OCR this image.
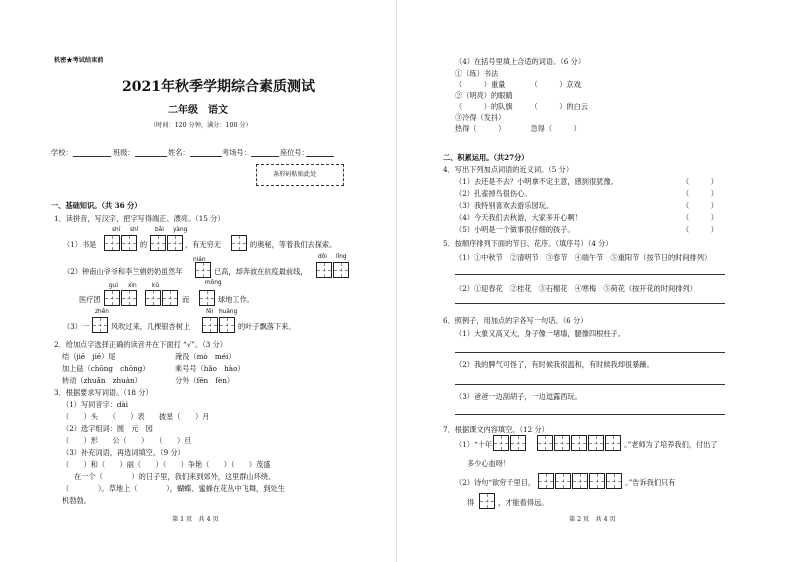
机密★考试结束前
2021年秋季学期综合素质测试
二年级　语文
（时间：120 分钟，满分：100 分）
学校：	班级：	姓名：	考场号：	座位号：
条形码粘贴此处
一、基础知识。（共 36 分）
1．读拼音，写汉字，把字写得端正、漂亮。（15 分）
shí shí	bǎi yàng
（1）书是	的	，有无穷无	的奥秘，等着我们去探索。
nián	dōi lǐng
（2）钟南山爷爷和李兰娟奶奶虽然年	已高，却奔波在抗疫最前线，
guì xìn	kǔ	mǒng
医疗团	而	球地工作。
zhēn	fēi huáng
（3）一	风吹过来，几棵银杏树上	的叶子飘落下来。
2．给加点字选择正确的读音并在下面打 “√”。（3 分）
结（jiē　jié）尾	淹没（mò　méi）
加上砝（chōng　chōng）	乘号号（hǎo　hào）
转动（zhuǎn　zhuàn）	分外（fēn　fèn）
3．根据要求写词语。（18 分）
（1）写同音字：dài
（　　）头　　（　　）表　　披星（　　）月
（2）选字组词：圆　元　园
（　　）形　　公（　　）　　（　　）旦
（3）补充词语，再选词填空。（9 分）
（　　）和（　　）丽（　　）（　　）争艳（　　）（　　）茂盛
在一个（　　　　）的日子里，我们来到郊外，这里群山环绕、
（　　　　）。草地上（　　　　），蝴蝶、蜜蜂在花丛中飞舞，到处生
机勃勃。
第 1 页　共 4 页
（4）在括号里填上合适的词语。（6 分）
①（练）书法
（　　　）重量　　　　（　　　）京戏
②（明亮）的眼睛
（　　　）的队旗　　　（　　　）的白云
③冷得（发抖）
热得（　　　）　　　　急得（　　　）
二、积累运用。（共27分）
4．写出下列加点词语的近义词。（5 分）
（1）去还是不去？小明拿不定主意，感到很犹豫。	（　　　）
（2）孔雀掉鸟很伤心。	（　　　）
（3）我特别喜欢去游乐园玩。	（　　　）
（4）今天我们去秋游，大家多开心啊！	（　　　）
（5）小明是一个做事很仔细的孩子。	（　　　）
5．按顺序排列下面的节日、花序。（填序号）（4 分）
（1）①中秋节　②清明节　③春节　④端午节　⑤重阳节（按节日的时间排列）
（2）①迎春花　②桂花　③石榴花　④寒梅　⑤荷花（按开花的时间排列）
6．照例子，用加点的字各写一句话。（6 分）
（1）大象又高又大，身子像一堵墙，腿像四根柱子。
（2）我的脾气可怪了，有时候我很温和，有时候我却很暴躁。
（3）爸爸一边刮胡子，一边逗露西玩。
7．根据课文内容填空。（12 分）
（1）“十年	。”老师为了培养我们，付出了
多少心血呀！
（2）诗句“欲穷千里目，	。”告诉我们只有
得	，才能看得远。
第 2 页　共 4 页
